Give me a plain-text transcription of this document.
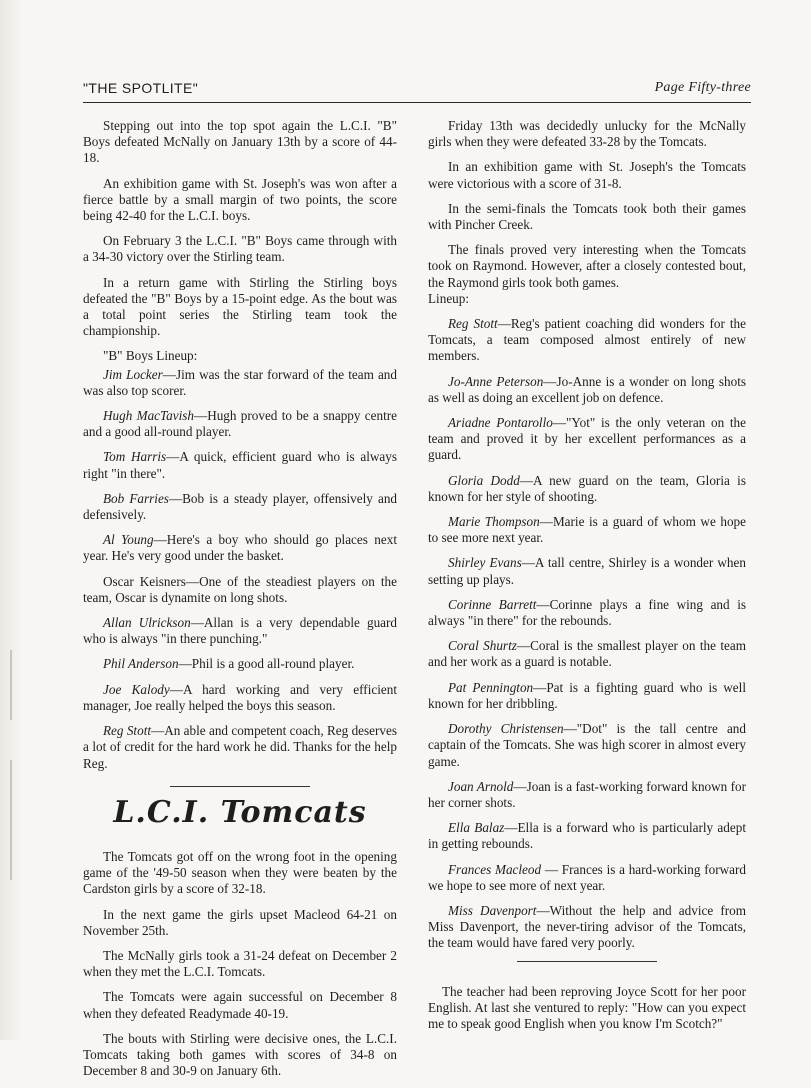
"THE SPOTLITE"	Page Fifty-three

Stepping out into the top spot again the L.C.I. "B" Boys defeated McNally on January 13th by a score of 44-18.

An exhibition game with St. Joseph's was won after a fierce battle by a small margin of two points, the score being 42-40 for the L.C.I. boys.

On February 3 the L.C.I. "B" Boys came through with a 34-30 victory over the Stirling team.

In a return game with Stirling the Stirling boys defeated the "B" Boys by a 15-point edge. As the bout was a total point series the Stirling team took the championship.

"B" Boys Lineup:

Jim Locker—Jim was the star forward of the team and was also top scorer.

Hugh MacTavish—Hugh proved to be a snappy centre and a good all-round player.

Tom Harris—A quick, efficient guard who is always right "in there".

Bob Farries—Bob is a steady player, offensively and defensively.

Al Young—Here's a boy who should go places next year. He's very good under the basket.

Oscar Keisners—One of the steadiest players on the team, Oscar is dynamite on long shots.

Allan Ulrickson—Allan is a very dependable guard who is always "in there punching."

Phil Anderson—Phil is a good all-round player.

Joe Kalody—A hard working and very efficient manager, Joe really helped the boys this season.

Reg Stott—An able and competent coach, Reg deserves a lot of credit for the hard work he did. Thanks for the help Reg.

L.C.I. Tomcats

The Tomcats got off on the wrong foot in the opening game of the '49-50 season when they were beaten by the Cardston girls by a score of 32-18.

In the next game the girls upset Macleod 64-21 on November 25th.

The McNally girls took a 31-24 defeat on December 2 when they met the L.C.I. Tomcats.

The Tomcats were again successful on December 8 when they defeated Readymade 40-19.

The bouts with Stirling were decisive ones, the L.C.I. Tomcats taking both games with scores of 34-8 on December 8 and 30-9 on January 6th.

Friday 13th was decidedly unlucky for the McNally girls when they were defeated 33-28 by the Tomcats.

In an exhibition game with St. Joseph's the Tomcats were victorious with a score of 31-8.

In the semi-finals the Tomcats took both their games with Pincher Creek.

The finals proved very interesting when the Tomcats took on Raymond. However, after a closely contested bout, the Raymond girls took both games.

Lineup:

Reg Stott—Reg's patient coaching did wonders for the Tomcats, a team composed almost entirely of new members.

Jo-Anne Peterson—Jo-Anne is a wonder on long shots as well as doing an excellent job on defence.

Ariadne Pontarollo—"Yot" is the only veteran on the team and proved it by her excellent performances as a guard.

Gloria Dodd—A new guard on the team, Gloria is known for her style of shooting.

Marie Thompson—Marie is a guard of whom we hope to see more next year.

Shirley Evans—A tall centre, Shirley is a wonder when setting up plays.

Corinne Barrett—Corinne plays a fine wing and is always "in there" for the rebounds.

Coral Shurtz—Coral is the smallest player on the team and her work as a guard is notable.

Pat Pennington—Pat is a fighting guard who is well known for her dribbling.

Dorothy Christensen—"Dot" is the tall centre and captain of the Tomcats. She was high scorer in almost every game.

Joan Arnold—Joan is a fast-working forward known for her corner shots.

Ella Balaz—Ella is a forward who is particularly adept in getting rebounds.

Frances Macleod — Frances is a hard-working forward we hope to see more of next year.

Miss Davenport—Without the help and advice from Miss Davenport, the never-tiring advisor of the Tomcats, the team would have fared very poorly.

The teacher had been reproving Joyce Scott for her poor English. At last she ventured to reply: "How can you expect me to speak good English when you know I'm Scotch?"
